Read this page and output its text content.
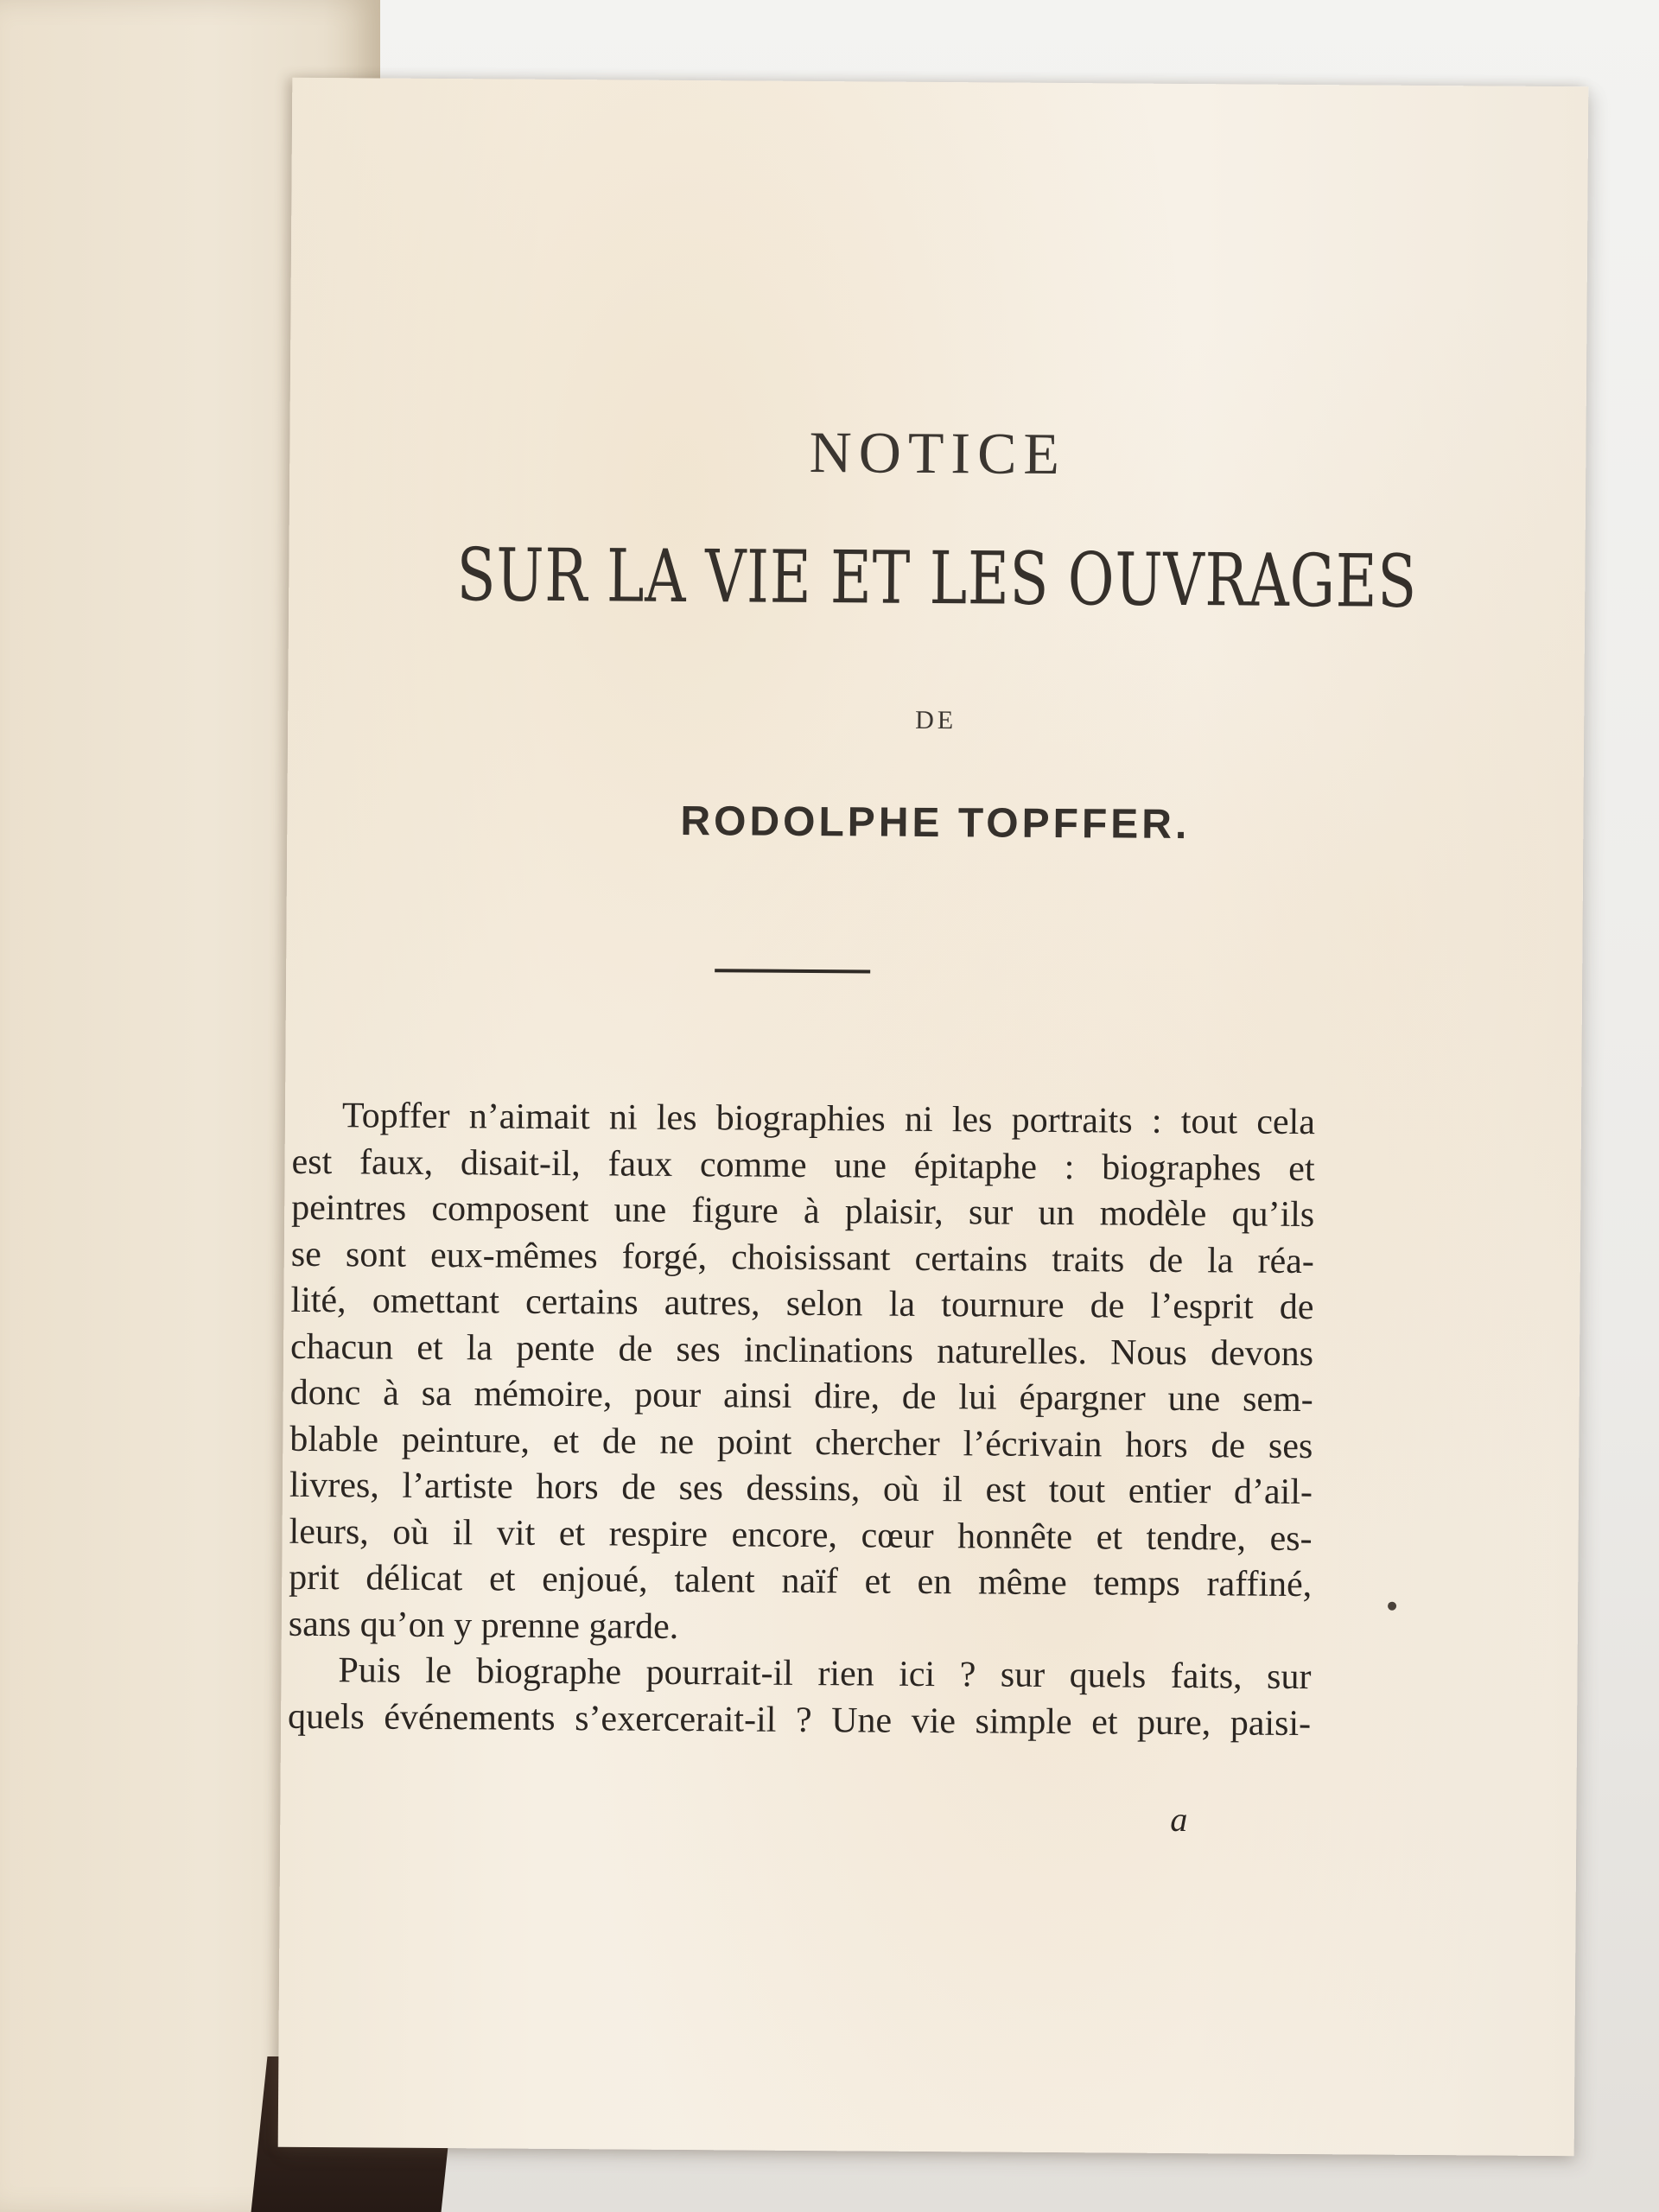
NOTICE
SUR LA VIE ET LES OUVRAGES
DE
RODOLPHE TOPFFER.
Topffer n’aimait ni les biographies ni les portraits : tout cela
est faux, disait-il, faux comme une épitaphe : biographes et
peintres composent une figure à plaisir, sur un modèle qu’ils
se sont eux-mêmes forgé, choisissant certains traits de la réa-
lité, omettant certains autres, selon la tournure de l’esprit de
chacun et la pente de ses inclinations naturelles. Nous devons
donc à sa mémoire, pour ainsi dire, de lui épargner une sem-
blable peinture, et de ne point chercher l’écrivain hors de ses
livres, l’artiste hors de ses dessins, où il est tout entier d’ail-
leurs, où il vit et respire encore, cœur honnête et tendre, es-
prit délicat et enjoué, talent naïf et en même temps raffiné,
sans qu’on y prenne garde.
Puis le biographe pourrait-il rien ici ? sur quels faits, sur
quels événements s’exercerait-il ? Une vie simple et pure, paisi-
a
